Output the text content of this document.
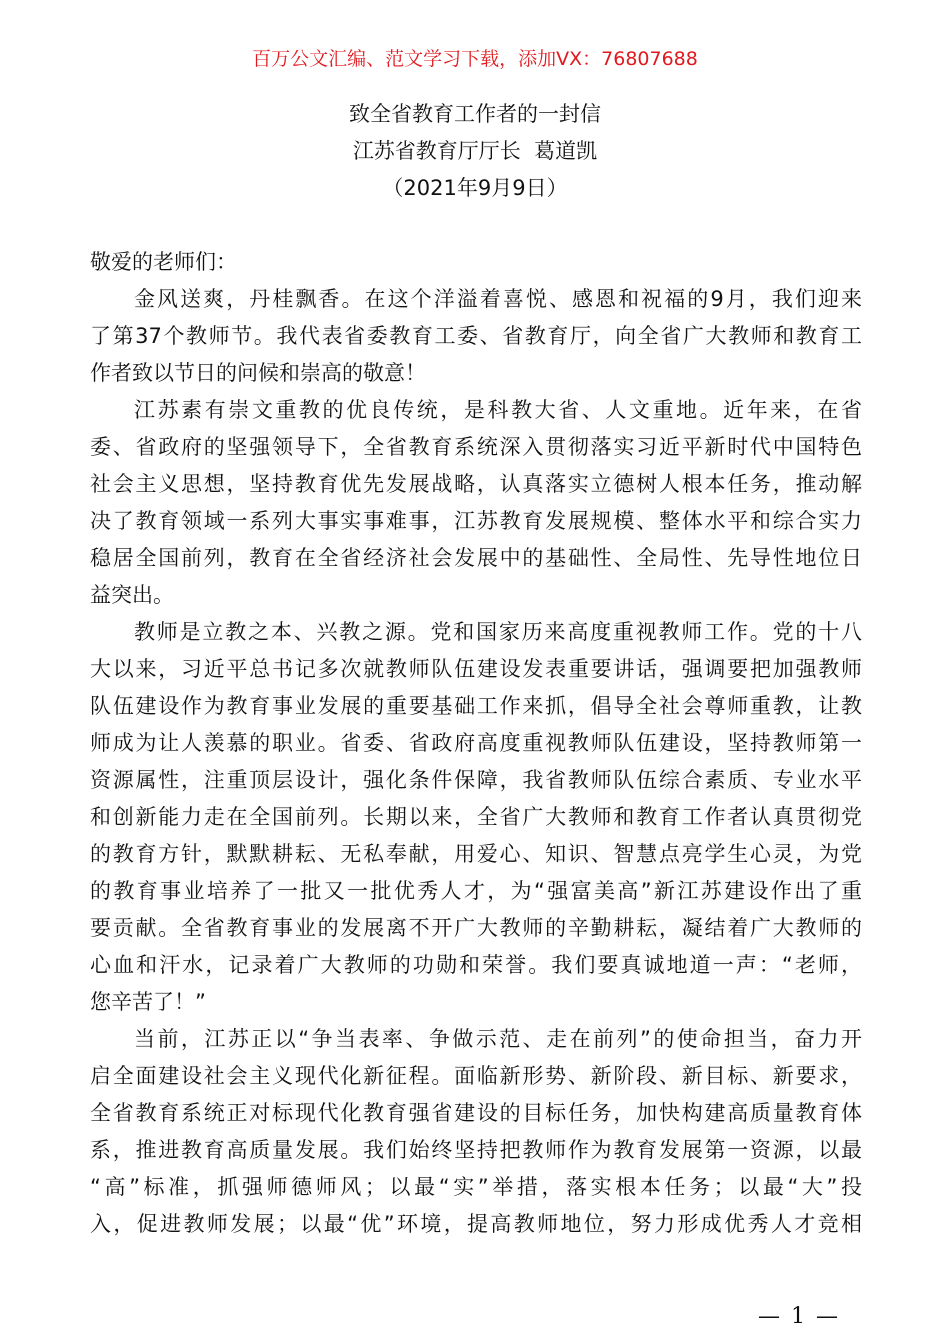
百万公文汇编、范文学习下载，添加VX：76807688
致全省教育工作者的一封信
江苏省教育厅厅长  葛道凯
（2021年9月9日）
敬爱的老师们：
金风送爽，丹桂飘香。在这个洋溢着喜悦、感恩和祝福的9月，我们迎来
了第37个教师节。我代表省委教育工委、省教育厅，向全省广大教师和教育工
作者致以节日的问候和崇高的敬意！
江苏素有崇文重教的优良传统，是科教大省、人文重地。近年来，在省
委、省政府的坚强领导下，全省教育系统深入贯彻落实习近平新时代中国特色
社会主义思想，坚持教育优先发展战略，认真落实立德树人根本任务，推动解
决了教育领域一系列大事实事难事，江苏教育发展规模、整体水平和综合实力
稳居全国前列，教育在全省经济社会发展中的基础性、全局性、先导性地位日
益突出。
教师是立教之本、兴教之源。党和国家历来高度重视教师工作。党的十八
大以来，习近平总书记多次就教师队伍建设发表重要讲话，强调要把加强教师
队伍建设作为教育事业发展的重要基础工作来抓，倡导全社会尊师重教，让教
师成为让人羡慕的职业。省委、省政府高度重视教师队伍建设，坚持教师第一
资源属性，注重顶层设计，强化条件保障，我省教师队伍综合素质、专业水平
和创新能力走在全国前列。长期以来，全省广大教师和教育工作者认真贯彻党
的教育方针，默默耕耘、无私奉献，用爱心、知识、智慧点亮学生心灵，为党
的教育事业培养了一批又一批优秀人才，为“强富美高”新江苏建设作出了重
要贡献。全省教育事业的发展离不开广大教师的辛勤耕耘，凝结着广大教师的
心血和汗水，记录着广大教师的功勋和荣誉。我们要真诚地道一声：“老师，
您辛苦了！”
当前，江苏正以“争当表率、争做示范、走在前列”的使命担当，奋力开
启全面建设社会主义现代化新征程。面临新形势、新阶段、新目标、新要求，
全省教育系统正对标现代化教育强省建设的目标任务，加快构建高质量教育体
系，推进教育高质量发展。我们始终坚持把教师作为教育发展第一资源，以最
“高”标准，抓强师德师风；以最“实”举措，落实根本任务；以最“大”投
入，促进教师发展；以最“优”环境，提高教师地位，努力形成优秀人才竞相
— 1 —
